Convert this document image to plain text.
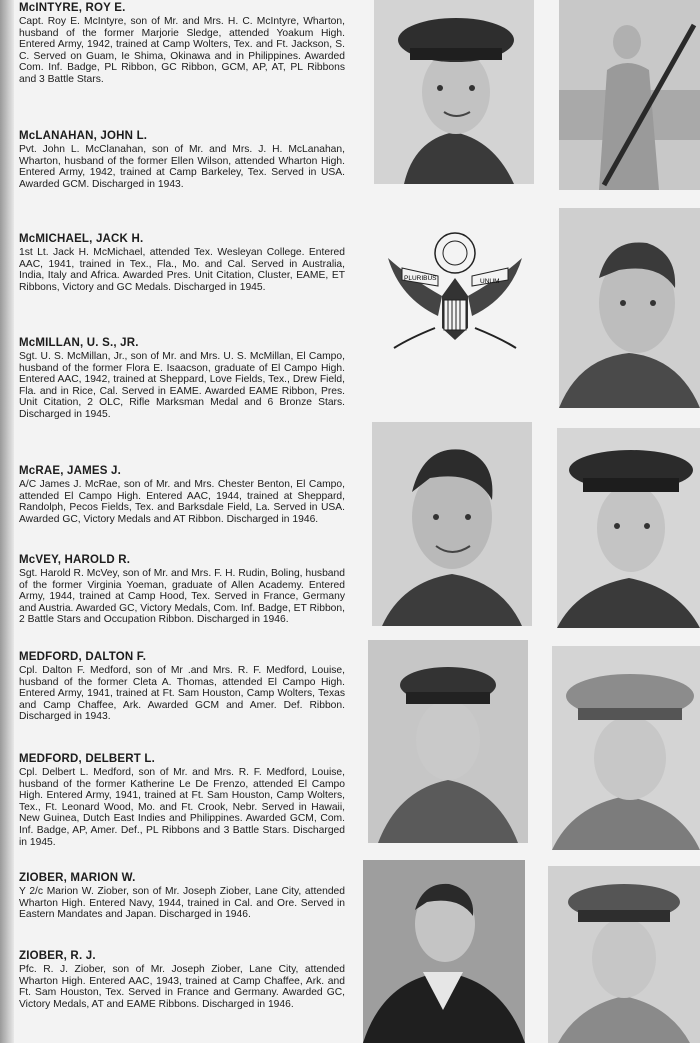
McINTYRE, ROY E.

Capt. Roy E. McIntyre, son of Mr. and Mrs. H. C. McIntyre, Wharton, husband of the former Marjorie Sledge, attended Yoakum High. Entered Army, 1942, trained at Camp Wolters, Tex. and Ft. Jackson, S. C. Served on Guam, Ie Shima, Okinawa and in Philippines. Awarded Com. Inf. Badge, PL Ribbon, GC Ribbon, GCM, AP, AT, PL Ribbons and 3 Battle Stars.

McLANAHAN, JOHN L.

Pvt. John L. McClanahan, son of Mr. and Mrs. J. H. McLanahan, Wharton, husband of the former Ellen Wilson, attended Wharton High. Entered Army, 1942, trained at Camp Barkeley, Tex. Served in USA. Awarded GCM. Discharged in 1943.

McMICHAEL, JACK H.

1st Lt. Jack H. McMichael, attended Tex. Wesleyan College. Entered AAC, 1941, trained in Tex., Fla., Mo. and Cal. Served in Australia, India, Italy and Africa. Awarded Pres. Unit Citation, Cluster, EAME, ET Ribbons, Victory and GC Medals. Discharged in 1945.

McMILLAN, U. S., JR.

Sgt. U. S. McMillan, Jr., son of Mr. and Mrs. U. S. McMillan, El Campo, husband of the former Flora E. Isaacson, graduate of El Campo High. Entered AAC, 1942, trained at Sheppard, Love Fields, Tex., Drew Field, Fla. and in Rice, Cal. Served in EAME. Awarded EAME Ribbon, Pres. Unit Citation, 2 OLC, Rifle Marksman Medal and 6 Bronze Stars. Discharged in 1945.

McRAE, JAMES J.

A/C James J. McRae, son of Mr. and Mrs. Chester Benton, El Campo, attended El Campo High. Entered AAC, 1944, trained at Sheppard, Randolph, Pecos Fields, Tex. and Barksdale Field, La. Served in USA. Awarded GC, Victory Medals and AT Ribbon. Discharged in 1946.

McVEY, HAROLD R.

Sgt. Harold R. McVey, son of Mr. and Mrs. F. H. Rudin, Boling, husband of the former Virginia Yoeman, graduate of Allen Academy. Entered Army, 1944, trained at Camp Hood, Tex. Served in France, Germany and Austria. Awarded GC, Victory Medals, Com. Inf. Badge, ET Ribbon, 2 Battle Stars and Occupation Ribbon. Discharged in 1946.

MEDFORD, DALTON F.

Cpl. Dalton F. Medford, son of Mr .and Mrs. R. F. Medford, Louise, husband of the former Cleta A. Thomas, attended El Campo High. Entered Army, 1941, trained at Ft. Sam Houston, Camp Wolters, Texas and Camp Chaffee, Ark. Awarded GCM and Amer. Def. Ribbon. Discharged in 1943.

MEDFORD, DELBERT L.

Cpl. Delbert L. Medford, son of Mr. and Mrs. R. F. Medford, Louise, husband of the former Katherine Le De Frenzo, attended El Campo High. Entered Army, 1941, trained at Ft. Sam Houston, Camp Wolters, Tex., Ft. Leonard Wood, Mo. and Ft. Crook, Nebr. Served in Hawaii, New Guinea, Dutch East Indies and Philippines. Awarded GCM, Com. Inf. Badge, AP, Amer. Def., PL Ribbons and 3 Battle Stars. Discharged in 1945.

ZIOBER, MARION W.

Y 2/c Marion W. Ziober, son of Mr. Joseph Ziober, Lane City, attended Wharton High. Entered Navy, 1944, trained in Cal. and Ore. Served in Eastern Mandates and Japan. Discharged in 1946.

ZIOBER, R. J.

Pfc. R. J. Ziober, son of Mr. Joseph Ziober, Lane City, attended Wharton High. Entered AAC, 1943, trained at Camp Chaffee, Ark. and Ft. Sam Houston, Tex. Served in France and Germany. Awarded GC, Victory Medals, AT and EAME Ribbons. Discharged in 1946.

PLURIBUS	UNUM
